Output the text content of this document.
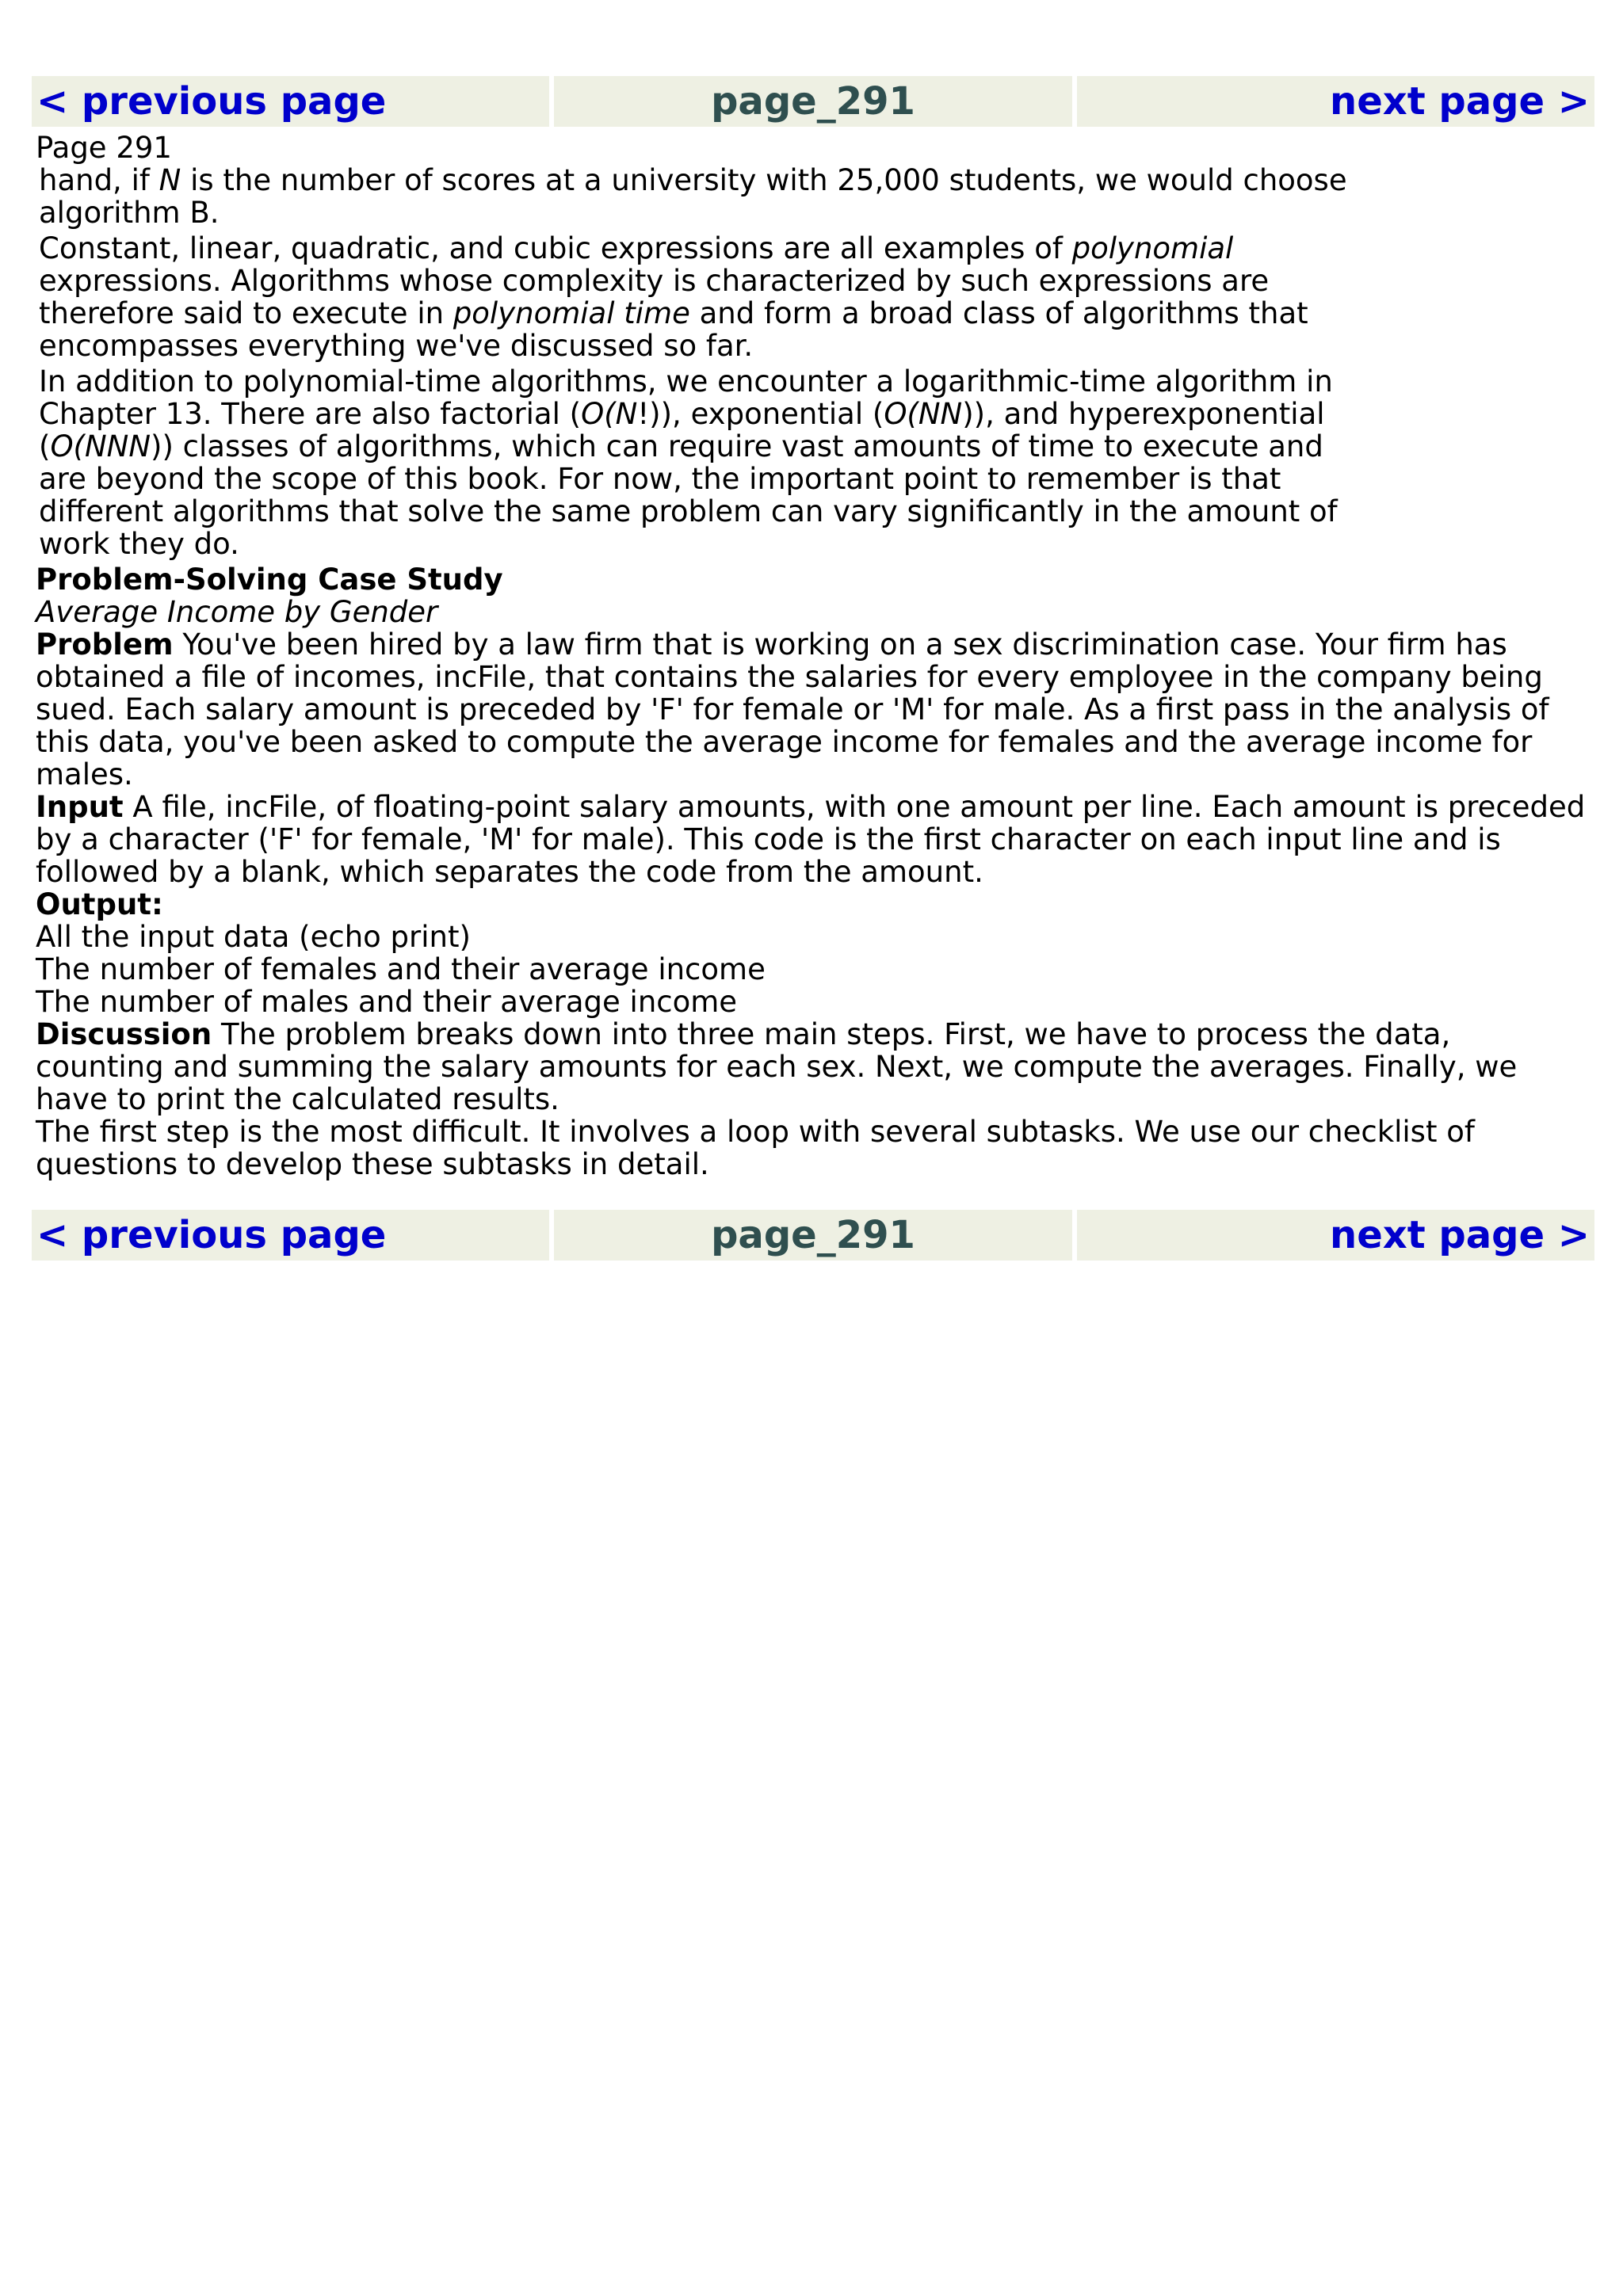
< previous page	page_291	next page >
Page 291
hand, if N is the number of scores at a university with 25,000 students, we would choose algorithm B.
Constant, linear, quadratic, and cubic expressions are all examples of polynomial expressions. Algorithms whose complexity is characterized by such expressions are therefore said to execute in polynomial time and form a broad class of algorithms that encompasses everything we've discussed so far.
In addition to polynomial-time algorithms, we encounter a logarithmic-time algorithm in Chapter 13. There are also factorial (O(N!)), exponential (O(NN)), and hyperexponential (O(NNN)) classes of algorithms, which can require vast amounts of time to execute and are beyond the scope of this book. For now, the important point to remember is that different algorithms that solve the same problem can vary significantly in the amount of work they do.
Problem-Solving Case Study
Average Income by Gender
Problem You've been hired by a law firm that is working on a sex discrimination case. Your firm has obtained a file of incomes, incFile, that contains the salaries for every employee in the company being sued. Each salary amount is preceded by 'F' for female or 'M' for male. As a first pass in the analysis of this data, you've been asked to compute the average income for females and the average income for males.
Input A file, incFile, of floating-point salary amounts, with one amount per line. Each amount is preceded by a character ('F' for female, 'M' for male). This code is the first character on each input line and is followed by a blank, which separates the code from the amount.
Output:
All the input data (echo print)
The number of females and their average income
The number of males and their average income
Discussion The problem breaks down into three main steps. First, we have to process the data, counting and summing the salary amounts for each sex. Next, we compute the averages. Finally, we have to print the calculated results.
The first step is the most difficult. It involves a loop with several subtasks. We use our checklist of questions to develop these subtasks in detail.
< previous page	page_291	next page >
